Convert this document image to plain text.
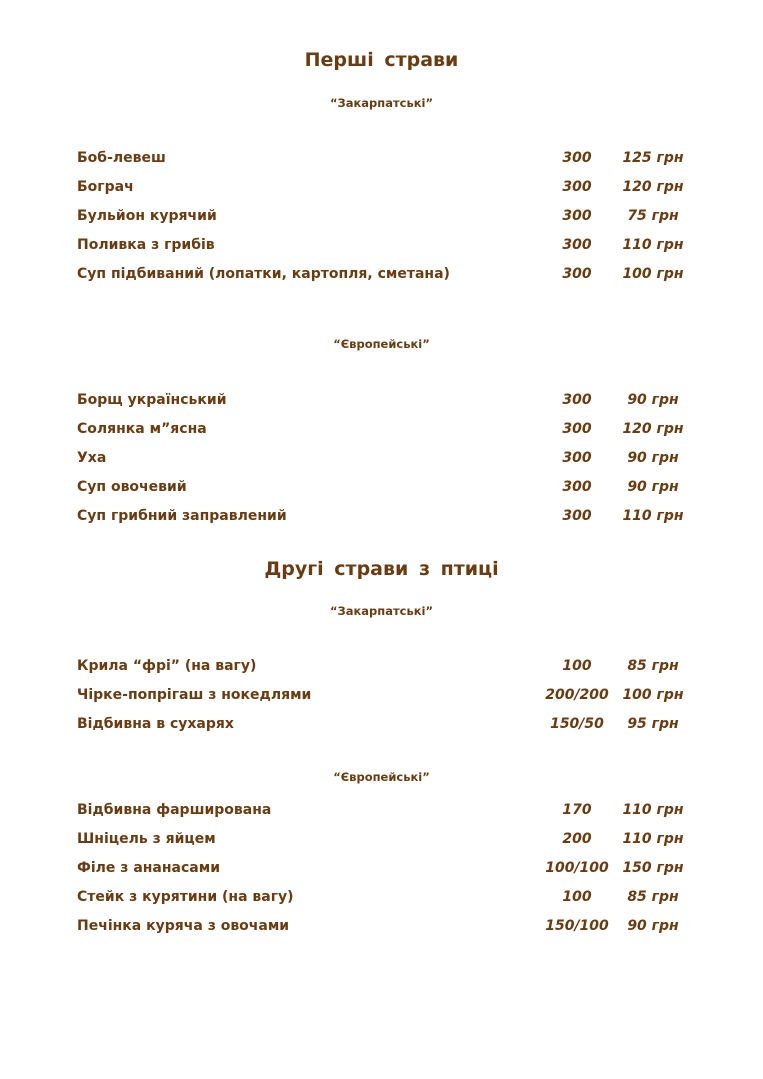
Перші страви
“Закарпатські”
Боб-левеш	300	125 грн
Бограч	300	120 грн
Бульйон курячий	300	75 грн
Поливка з грибів	300	110 грн
Суп підбиваний (лопатки, картопля, сметана)	300	100 грн
“Європейські”
Борщ український	300	90 грн
Солянка м”ясна	300	120 грн
Уха	300	90 грн
Суп овочевий	300	90 грн
Суп грибний заправлений	300	110 грн
Другі страви з птиці
“Закарпатські”
Крила “фрі” (на вагу)	100	85 грн
Чірке-попрігаш з нокедлями	200/200 100 грн
Відбивна в сухарях	150/50	95 грн
“Європейські”
Відбивна фарширована	170	110 грн
Шніцель з яйцем	200	110 грн
Філе з ананасами	100/100 150 грн
Стейк з курятини (на вагу)	100	85 грн
Печінка куряча з овочами	150/100	90 грн
